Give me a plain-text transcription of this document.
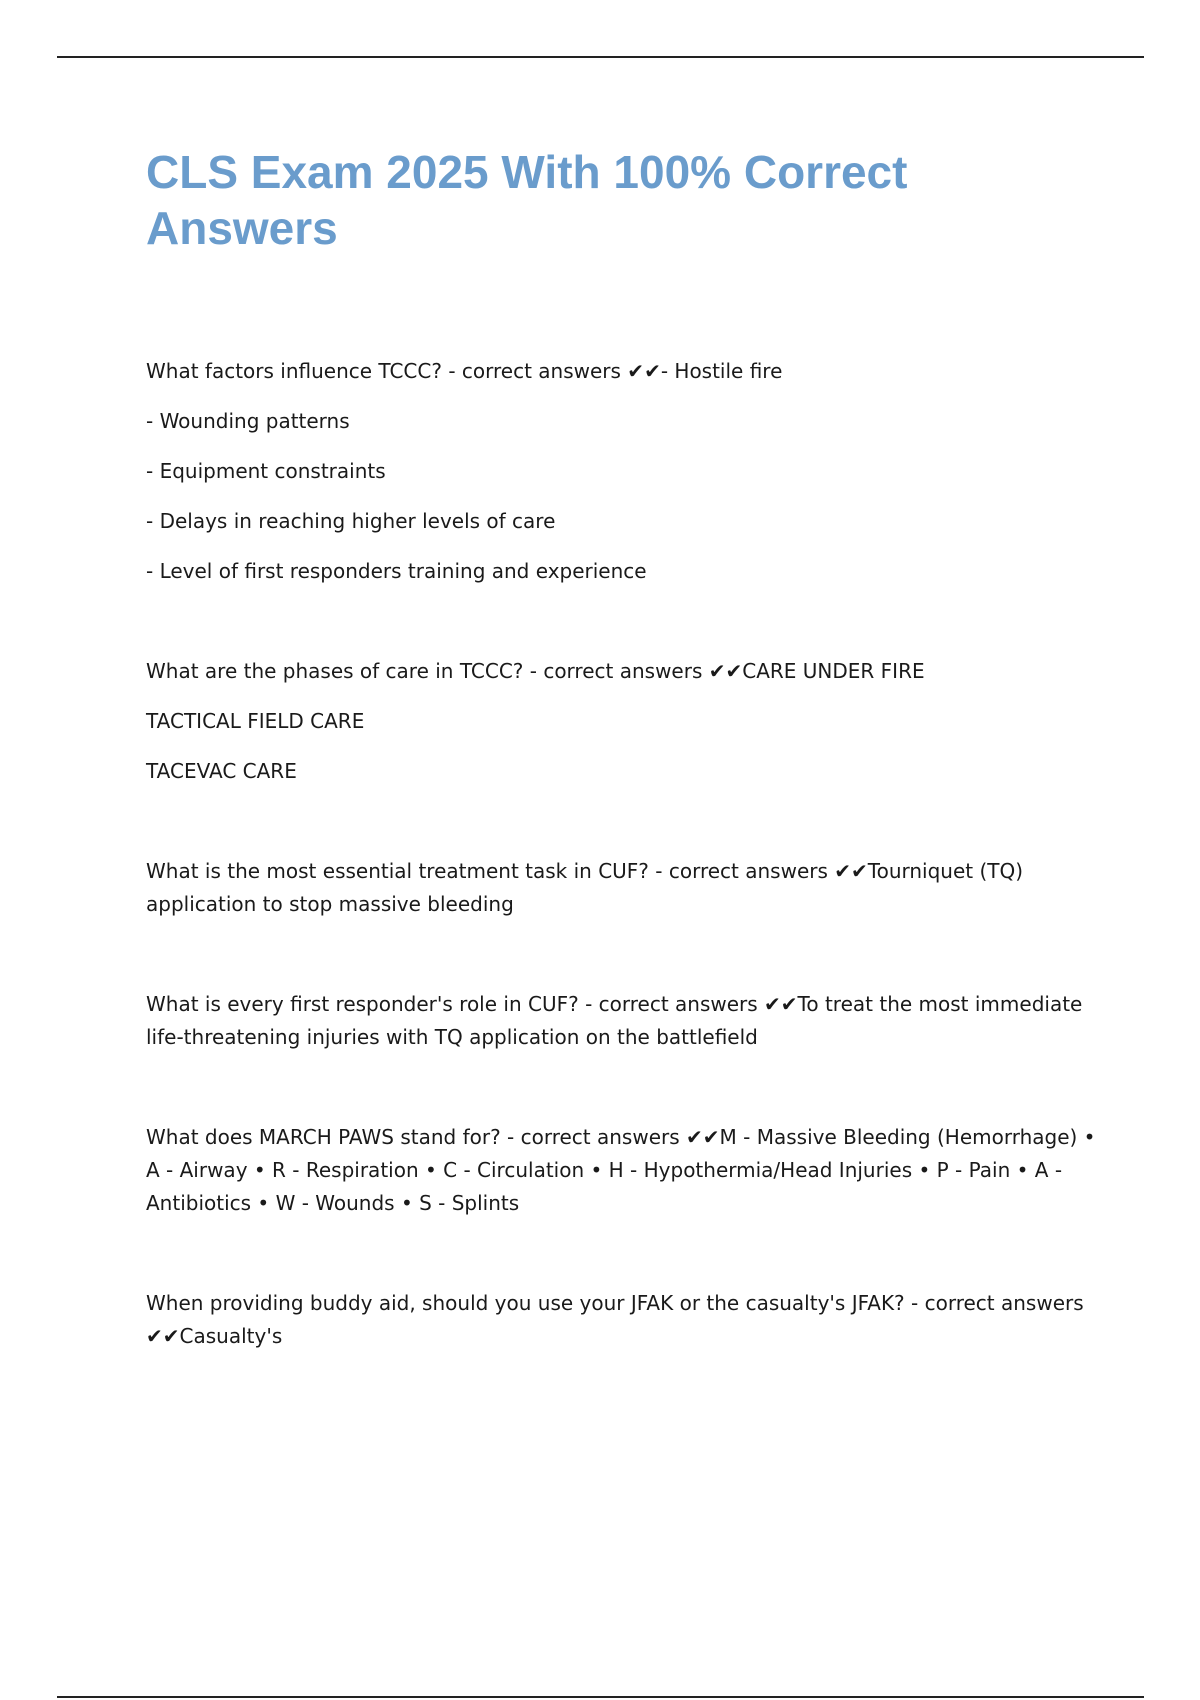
CLS Exam 2025 With 100% Correct Answers

What factors influence TCCC? - correct answers ✔✔- Hostile fire

- Wounding patterns

- Equipment constraints

- Delays in reaching higher levels of care

- Level of first responders training and experience

What are the phases of care in TCCC? - correct answers ✔✔CARE UNDER FIRE

TACTICAL FIELD CARE

TACEVAC CARE

What is the most essential treatment task in CUF? - correct answers ✔✔Tourniquet (TQ) application to stop massive bleeding

What is every first responder's role in CUF? - correct answers ✔✔To treat the most immediate life-threatening injuries with TQ application on the battlefield

What does MARCH PAWS stand for? - correct answers ✔✔M - Massive Bleeding (Hemorrhage) • A - Airway • R - Respiration • C - Circulation • H - Hypothermia/Head Injuries • P - Pain • A - Antibiotics • W - Wounds • S - Splints

When providing buddy aid, should you use your JFAK or the casualty's JFAK? - correct answers ✔✔Casualty's
